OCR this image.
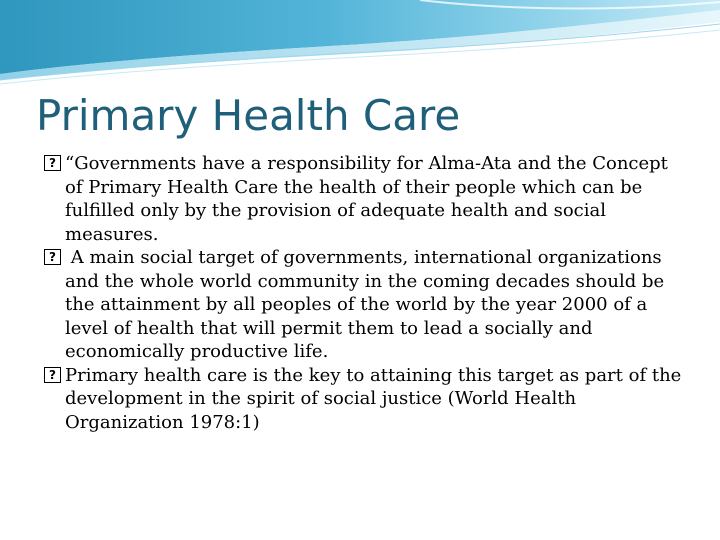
Primary Health Care

?“Governments have a responsibility for Alma-Ata and the Concept of Primary Health Care the health of their people which can be fulfilled only by the provision of adequate health and social measures.

? A main social target of governments, international organizations and the whole world community in the coming decades should be the attainment by all peoples of the world by the year 2000 of a level of health that will permit them to lead a socially and economically productive life.

?Primary health care is the key to attaining this target as part of the development in the spirit of social justice (World Health Organization 1978:1)
